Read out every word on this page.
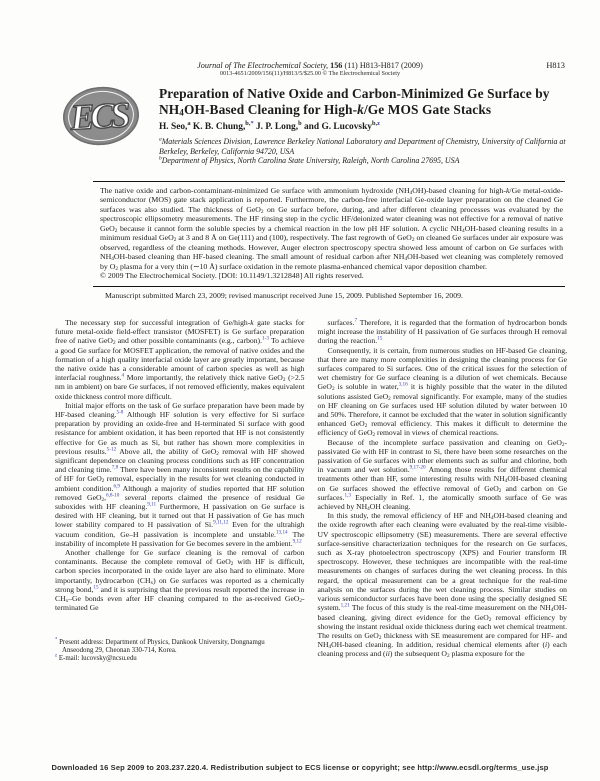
Journal of The Electrochemical Society, 156 (11) H813-H817 (2009)
0013-4651/2009/156(11)/H813/5/$25.00 © The Electrochemical Society
H813
ECS
Preparation of Native Oxide and Carbon-Minimized Ge Surface by $NH_4OH$-Based Cleaning for High-k/Ge MOS Gate Stacks
H. Seo,$^a$ K. B. Chung,$^{b,*}$ J. P. Long,$^b$ and G. Lucovsky$^{b,z}$
$^a$Materials Sciences Division, Lawrence Berkeley National Laboratory and Department of Chemistry, University of California at Berkeley, Berkeley, California 94720, USA
$^b$Department of Physics, North Carolina State University, Raleigh, North Carolina 27695, USA
The native oxide and carbon-contaminant-minimized Ge surface with ammonium hydroxide $(NH_4OH)$-based cleaning for high-k/Ge metal-oxide-semiconductor (MOS) gate stack application is reported. Furthermore, the carbon-free interfacial Ge-oxide layer preparation on the cleaned Ge surfaces was also studied. The thickness of GeO$_2$ on Ge surface before, during, and after different cleaning processes was evaluated by the spectroscopic ellipsometry measurements. The HF rinsing step in the cyclic HF/deionized water cleaning was not effective for a removal of native GeO$_2$ because it cannot form the soluble species by a chemical reaction in the low pH HF solution. A cyclic $NH_4OH$-based cleaning results in a minimum residual GeO$_2$ at 3 and 8 Å on Ge(111) and (100), respectively. The fast regrowth of GeO$_2$ on cleaned Ge surfaces under air exposure was observed, regardless of the cleaning methods. However, Auger electron spectroscopy spectra showed less amount of carbon on Ge surfaces with $NH_4OH$-based cleaning than HF-based cleaning. The small amount of residual carbon after $NH_4OH$-based wet cleaning was completely removed by $O_2$ plasma for a very thin (∼10 Å) surface oxidation in the remote plasma-enhanced chemical vapor deposition chamber.
© 2009 The Electrochemical Society. [DOI: 10.1149/1.3212848] All rights reserved.
Manuscript submitted March 23, 2009; revised manuscript received June 15, 2009. Published September 16, 2009.

The necessary step for successful integration of Ge/high-k gate stacks for future metal-oxide field-effect transistor (MOSFET) is Ge surface preparation free of native GeO$_2$ and other possible contaminants (e.g., carbon).$^{1-3}$ To achieve a good Ge surface for MOSFET application, the removal of native oxides and the formation of a high quality interfacial oxide layer are greatly important, because the native oxide has a considerable amount of carbon species as well as high interfacial roughness.$^4$ More importantly, the relatively thick native GeO$_2$ (>2.5 nm in ambient) on bare Ge surfaces, if not removed efficiently, makes equivalent oxide thickness control more difficult.

Initial major efforts on the task of Ge surface preparation have been made by HF-based cleaning.$^{5-8}$ Although HF solution is very effective for Si surface preparation by providing an oxide-free and H-terminated Si surface with good resistance for ambient oxidation, it has been reported that HF is not consistently effective for Ge as much as Si, but rather has shown more complexities in previous results.$^{5-12}$ Above all, the ability of GeO$_2$ removal with HF showed significant dependence on cleaning process conditions such as HF concentration and cleaning time.$^{7,8}$ There have been many inconsistent results on the capability of HF for GeO$_2$ removal, especially in the results for wet cleaning conducted in ambient condition.$^{6,9}$ Although a majority of studies reported that HF solution removed GeO$_2$,$^{6,8-10}$ several reports claimed the presence of residual Ge suboxides with HF cleaning.$^{9,11}$ Furthermore, H passivation on Ge surface is desired with HF cleaning, but it turned out that H passivation of Ge has much lower stability compared to H passivation of Si.$^{9,11,12}$ Even for the ultrahigh vacuum condition, Ge–H passivation is incomplete and unstable.$^{13,14}$ The instability of incomplete H passivation for Ge becomes severe in the ambient.$^{9,12}$

Another challenge for Ge surface cleaning is the removal of carbon contaminants. Because the complete removal of GeO$_2$ with HF is difficult, carbon species incorporated in the oxide layer are also hard to eliminate. More importantly, hydrocarbon $(CH_x)$ on Ge surfaces was reported as a chemically strong bond,$^{15}$ and it is surprising that the previous result reported the increase in $CH_x-Ge$ bonds even after HF cleaning compared to the as-received GeO$_2$-terminated Ge

* Present address: Department of Physics, Dankook University, Dongnamgu Anseodong 29, Cheonan 330-714, Korea.
$^z$ E-mail: lucovsky@ncsu.edu

surfaces.$^7$ Therefore, it is regarded that the formation of hydrocarbon bonds might increase the instability of H passivation of Ge surfaces through H removal during the reaction.$^{15}$

Consequently, it is certain, from numerous studies on HF-based Ge cleaning, that there are many more complexities in designing the cleaning process for Ge surfaces compared to Si surfaces. One of the critical issues for the selection of wet chemistry for Ge surface cleaning is a dilution of wet chemicals. Because GeO$_2$ is soluble in water,$^{3,16}$ it is highly possible that the water in the diluted solutions assisted GeO$_2$ removal significantly. For example, many of the studies on HF cleaning on Ge surfaces used HF solution diluted by water between 10 and 50%. Therefore, it cannot be excluded that the water in solution significantly enhanced GeO$_2$ removal efficiency. This makes it difficult to determine the efficiency of GeO$_2$ removal in views of chemical reactions.

Because of the incomplete surface passivation and cleaning on GeO$_2$-passivated Ge with HF in contrast to Si, there have been some researches on the passivation of Ge surfaces with other elements such as sulfur and chlorine, both in vacuum and wet solution.$^{9,17-20}$ Among those results for different chemical treatments other than HF, some interesting results with $NH_4OH$-based cleaning on Ge surfaces showed the effective removal of GeO$_2$ and carbon on Ge surfaces.$^{1,3}$ Especially in Ref. 1, the atomically smooth surface of Ge was achieved by $NH_4OH$ cleaning.

In this study, the removal efficiency of HF and $NH_4OH$-based cleaning and the oxide regrowth after each cleaning were evaluated by the real-time visible-UV spectroscopic ellipsometry (SE) measurements. There are several effective surface-sensitive characterization techniques for the research on Ge surfaces, such as X-ray photoelectron spectroscopy (XPS) and Fourier transform IR spectroscopy. However, these techniques are incompatible with the real-time measurements on changes of surfaces during the wet cleaning process. In this regard, the optical measurement can be a great technique for the real-time analysis on the surfaces during the wet cleaning process. Similar studies on various semiconductor surfaces have been done using the specially designed SE system.$^{1,21}$ The focus of this study is the real-time measurement on the $NH_4OH$-based cleaning, giving direct evidence for the GeO$_2$ removal efficiency by showing the instant residual oxide thickness during each wet chemical treatment. The results on GeO$_2$ thickness with SE measurement are compared for HF- and $NH_4OH$-based cleaning. In addition, residual chemical elements after (i) each cleaning process and (ii) the subsequent $O_2$ plasma exposure for the

Downloaded 16 Sep 2009 to 203.237.220.4. Redistribution subject to ECS license or copyright; see http://www.ecsdl.org/terms_use.jsp
